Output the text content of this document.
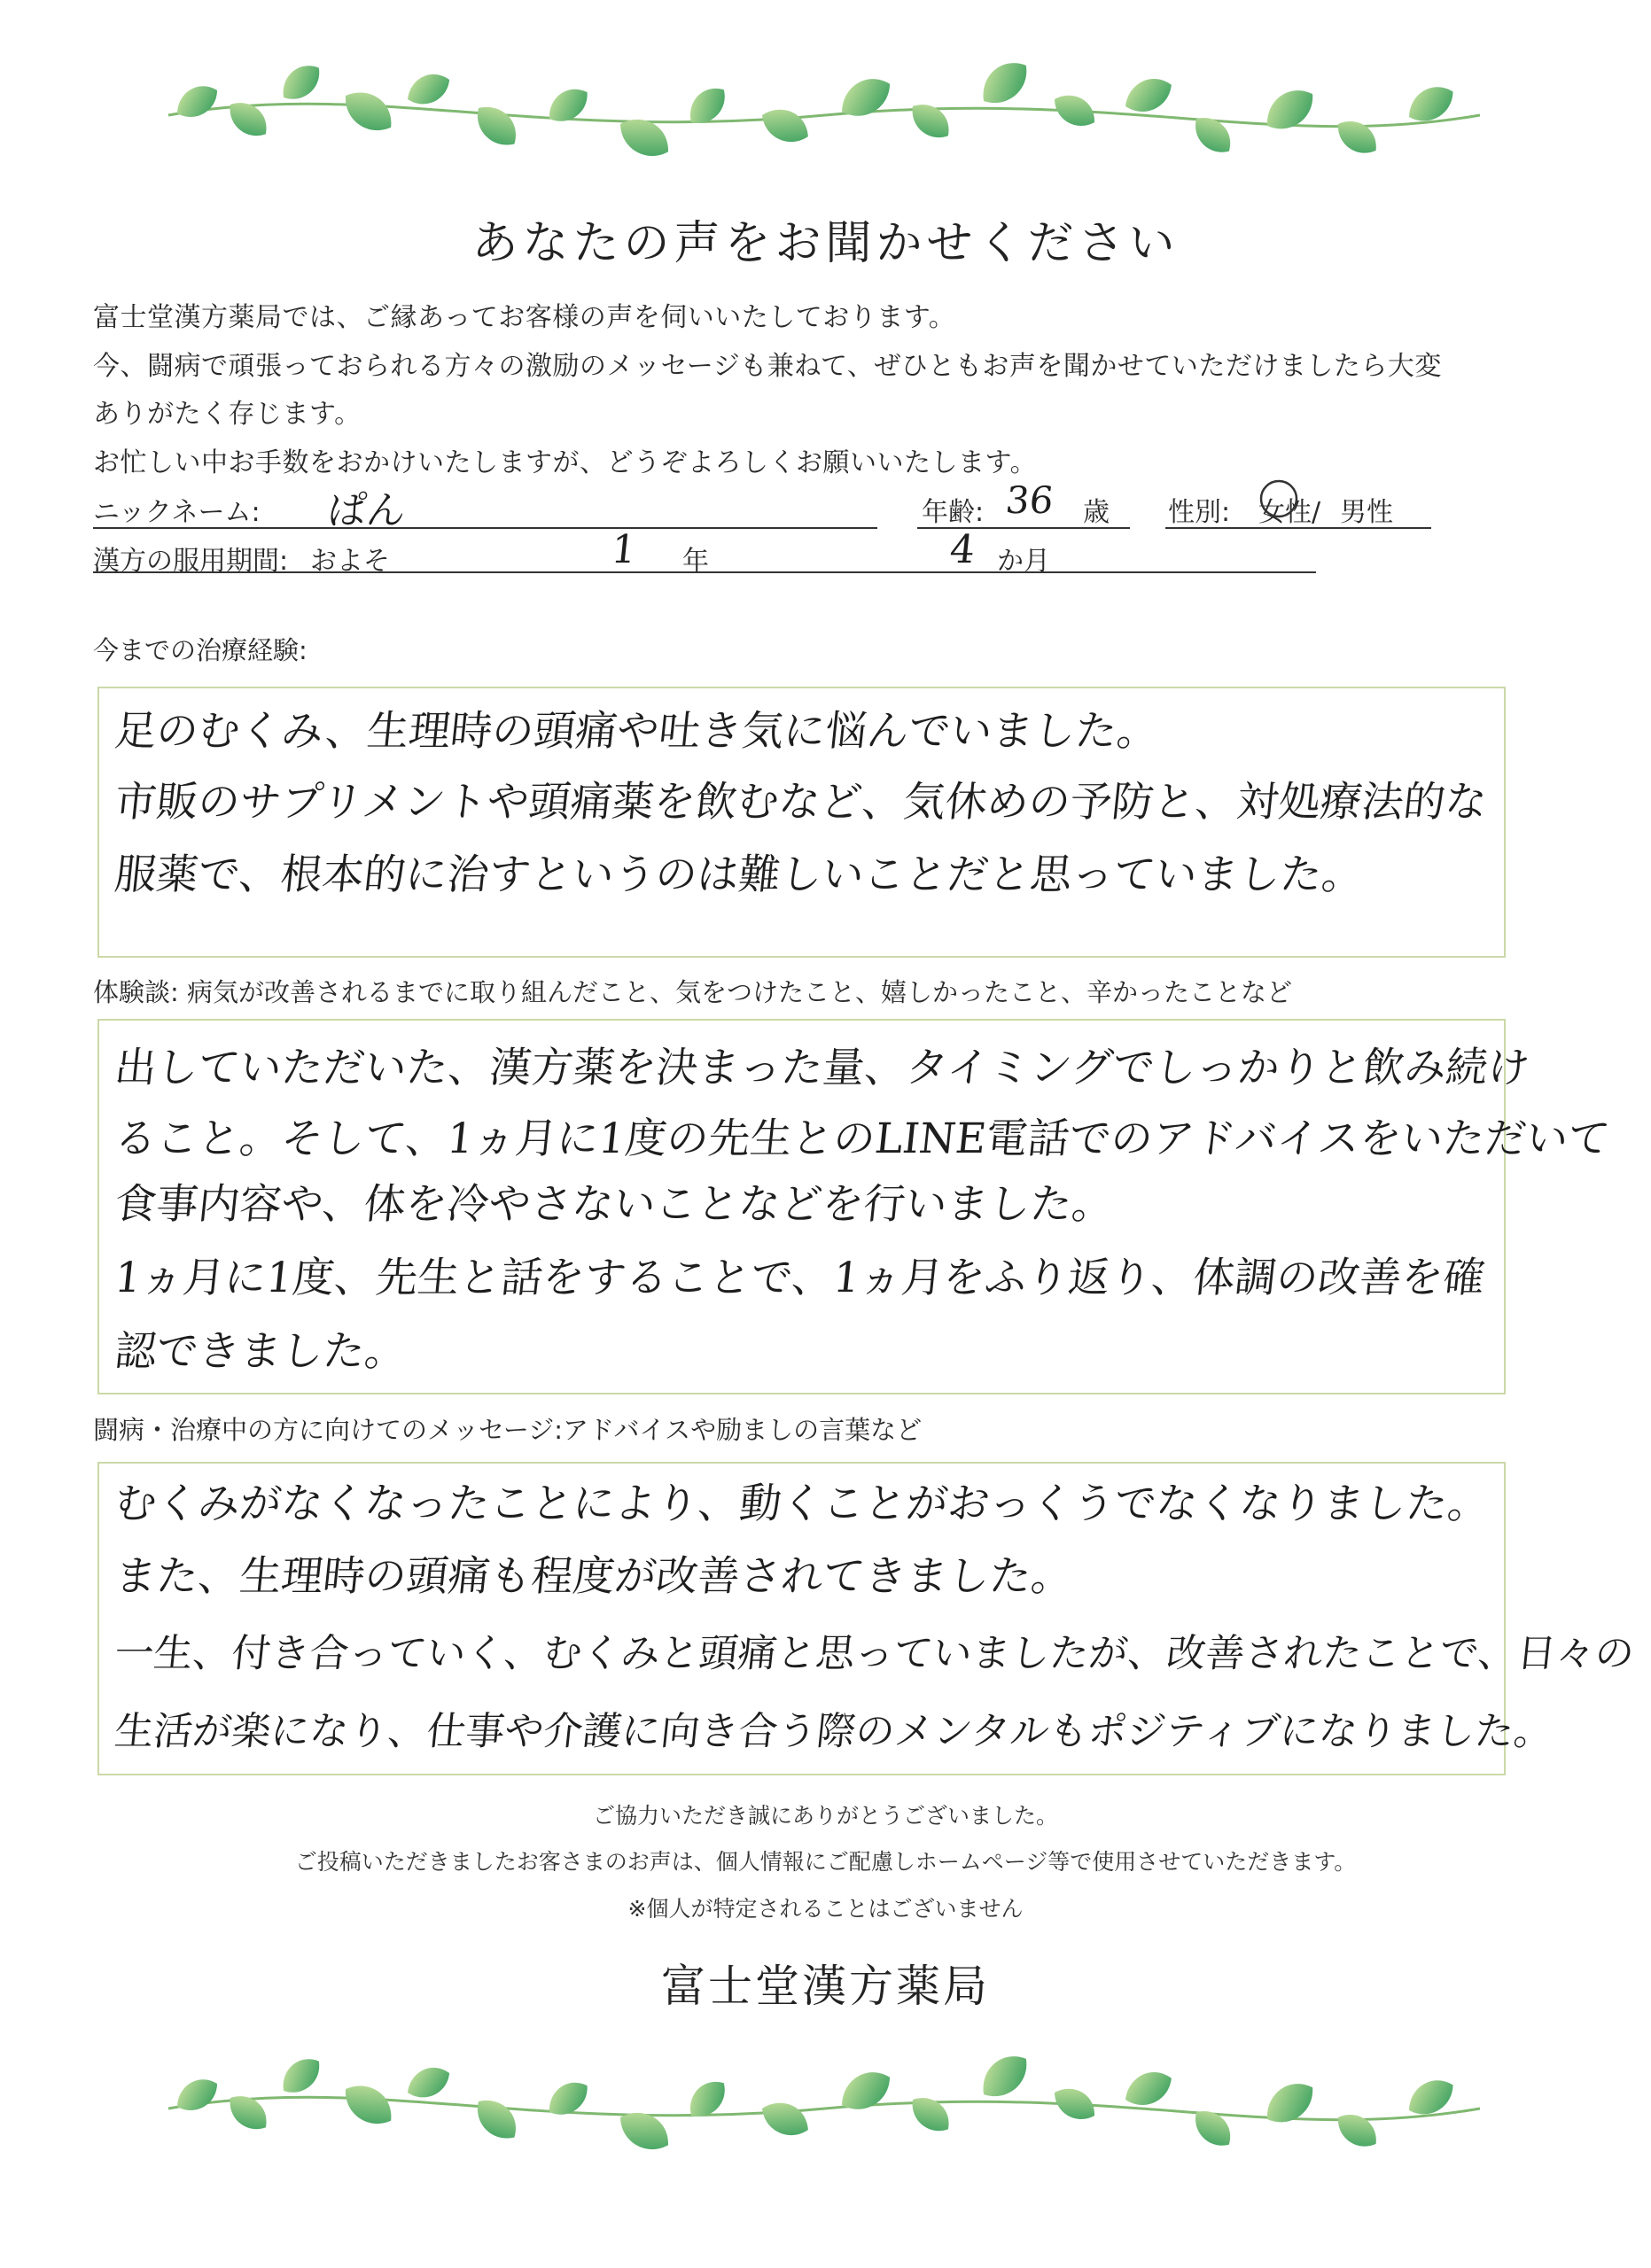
あなたの声をお聞かせください
富士堂漢方薬局では、ご縁あってお客様の声を伺いいたしております。
今、闘病で頑張っておられる方々の激励のメッセージも兼ねて、ぜひともお声を聞かせていただけましたら大変
ありがたく存じます。
お忙しい中お手数をおかけいたしますが、どうぞよろしくお願いいたします。
ニックネーム: ぱん	年齢: 36 歳 性別: 女性/ 男性
漢方の服用期間: およそ	1 年	4 か月
今までの治療経験:
足のむくみ、生理時の頭痛や吐き気に悩んでいました。
市販のサプリメントや頭痛薬を飲むなど、気休めの予防と、対処療法的な
服薬で、根本的に治すというのは難しいことだと思っていました。
体験談: 病気が改善されるまでに取り組んだこと、気をつけたこと、嬉しかったこと、辛かったことなど
出していただいた、漢方薬を決まった量、タイミングでしっかりと飲み続け
ること。そして、1ヵ月に1度の先生とのLINE電話でのアドバイスをいただいて
食事内容や、体を冷やさないことなどを行いました。
1ヵ月に1度、先生と話をすることで、1ヵ月をふり返り、体調の改善を確
認できました。
闘病・治療中の方に向けてのメッセージ:アドバイスや励ましの言葉など
むくみがなくなったことにより、動くことがおっくうでなくなりました。
また、生理時の頭痛も程度が改善されてきました。
一生、付き合っていく、むくみと頭痛と思っていましたが、改善されたことで、日々の
生活が楽になり、仕事や介護に向き合う際のメンタルもポジティブになりました。
ご協力いただき誠にありがとうございました。
ご投稿いただきましたお客さまのお声は、個人情報にご配慮しホームページ等で使用させていただきます。
※個人が特定されることはございません
富士堂漢方薬局
